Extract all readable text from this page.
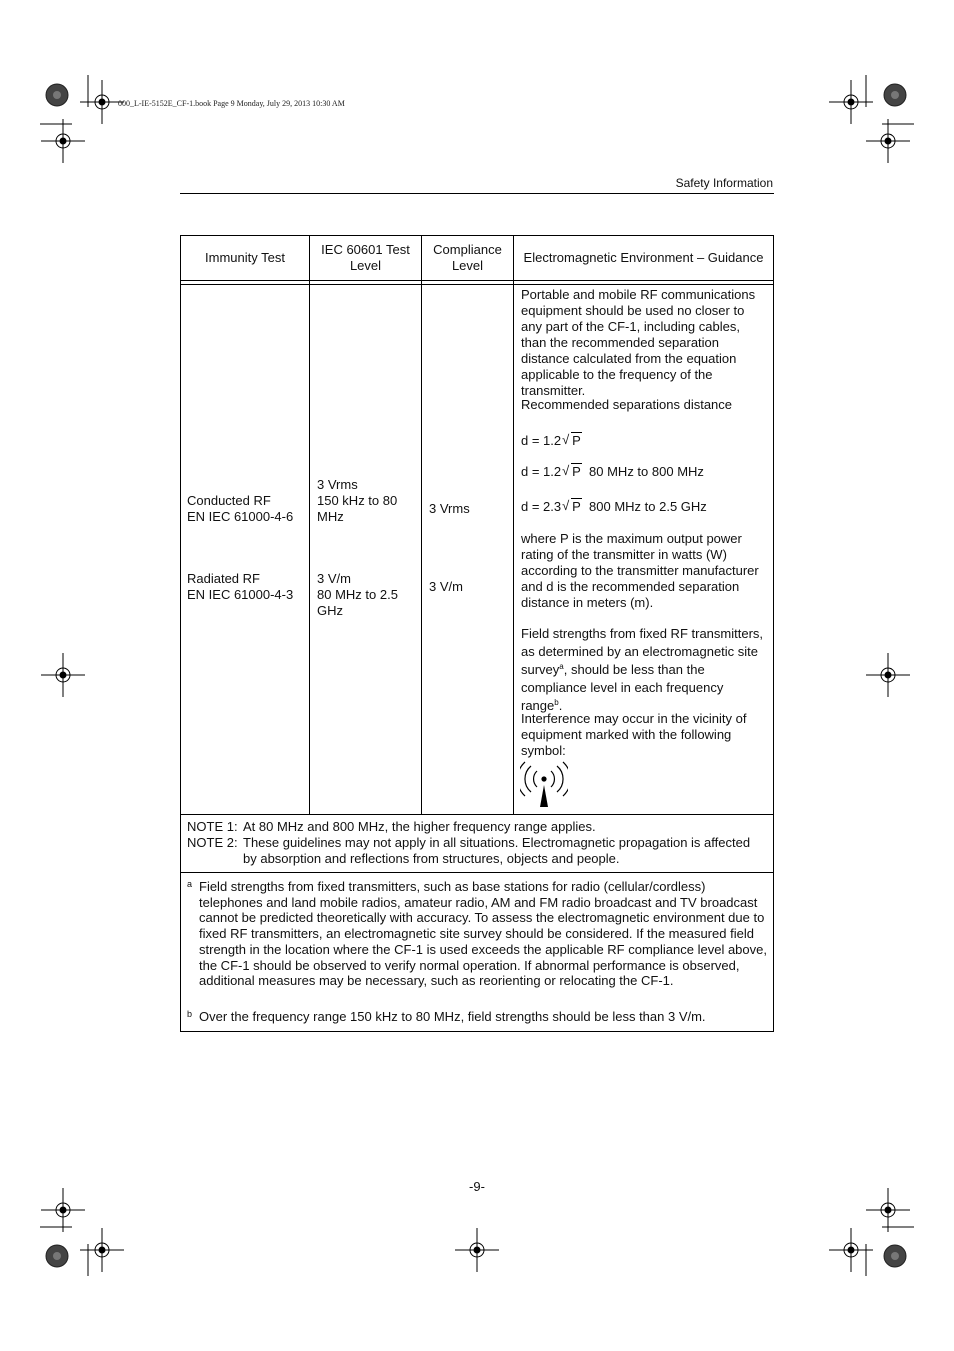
000_L-IE-5152E_CF-1.book Page 9 Monday, July 29, 2013 10:30 AM
Safety Information
Immunity Test
IEC 60601 Test Level
Compliance Level
Electromagnetic Environment – Guidance
Conducted RF
EN IEC 61000-4-6
3 Vrms
150 kHz to 80
MHz
3 Vrms
Radiated RF
EN IEC 61000-4-3
3 V/m
80 MHz to 2.5
GHz
3 V/m
Portable and mobile RF communications equipment should be used no closer to any part of the CF-1, including cables, than the recommended separation distance calculated from the equation applicable to the frequency of the transmitter.
Recommended separations distance
d = 1.2 √ P
d = 1.2 √ P 80 MHz to 800 MHz
d = 2.3 √ P 800 MHz to 2.5 GHz
where P is the maximum output power rating of the transmitter in watts (W) according to the transmitter manufacturer and d is the recommended separation distance in meters (m).
Field strengths from fixed RF transmitters, as determined by an electromagnetic site survey$^a$, should be less than the compliance level in each frequency range$^b$.
Interference may occur in the vicinity of equipment marked with the following symbol:
NOTE 1: At 80 MHz and 800 MHz, the higher frequency range applies.
NOTE 2: These guidelines may not apply in all situations. Electromagnetic propagation is affected by absorption and reflections from structures, objects and people.
a Field strengths from fixed transmitters, such as base stations for radio (cellular/cordless) telephones and land mobile radios, amateur radio, AM and FM radio broadcast and TV broadcast cannot be predicted theoretically with accuracy. To assess the electromagnetic environment due to fixed RF transmitters, an electromagnetic site survey should be considered. If the measured field strength in the location where the CF-1 is used exceeds the applicable RF compliance level above, the CF-1 should be observed to verify normal operation. If abnormal performance is observed, additional measures may be necessary, such as reorienting or relocating the CF-1.
b Over the frequency range 150 kHz to 80 MHz, field strengths should be less than 3 V/m.
-9-
